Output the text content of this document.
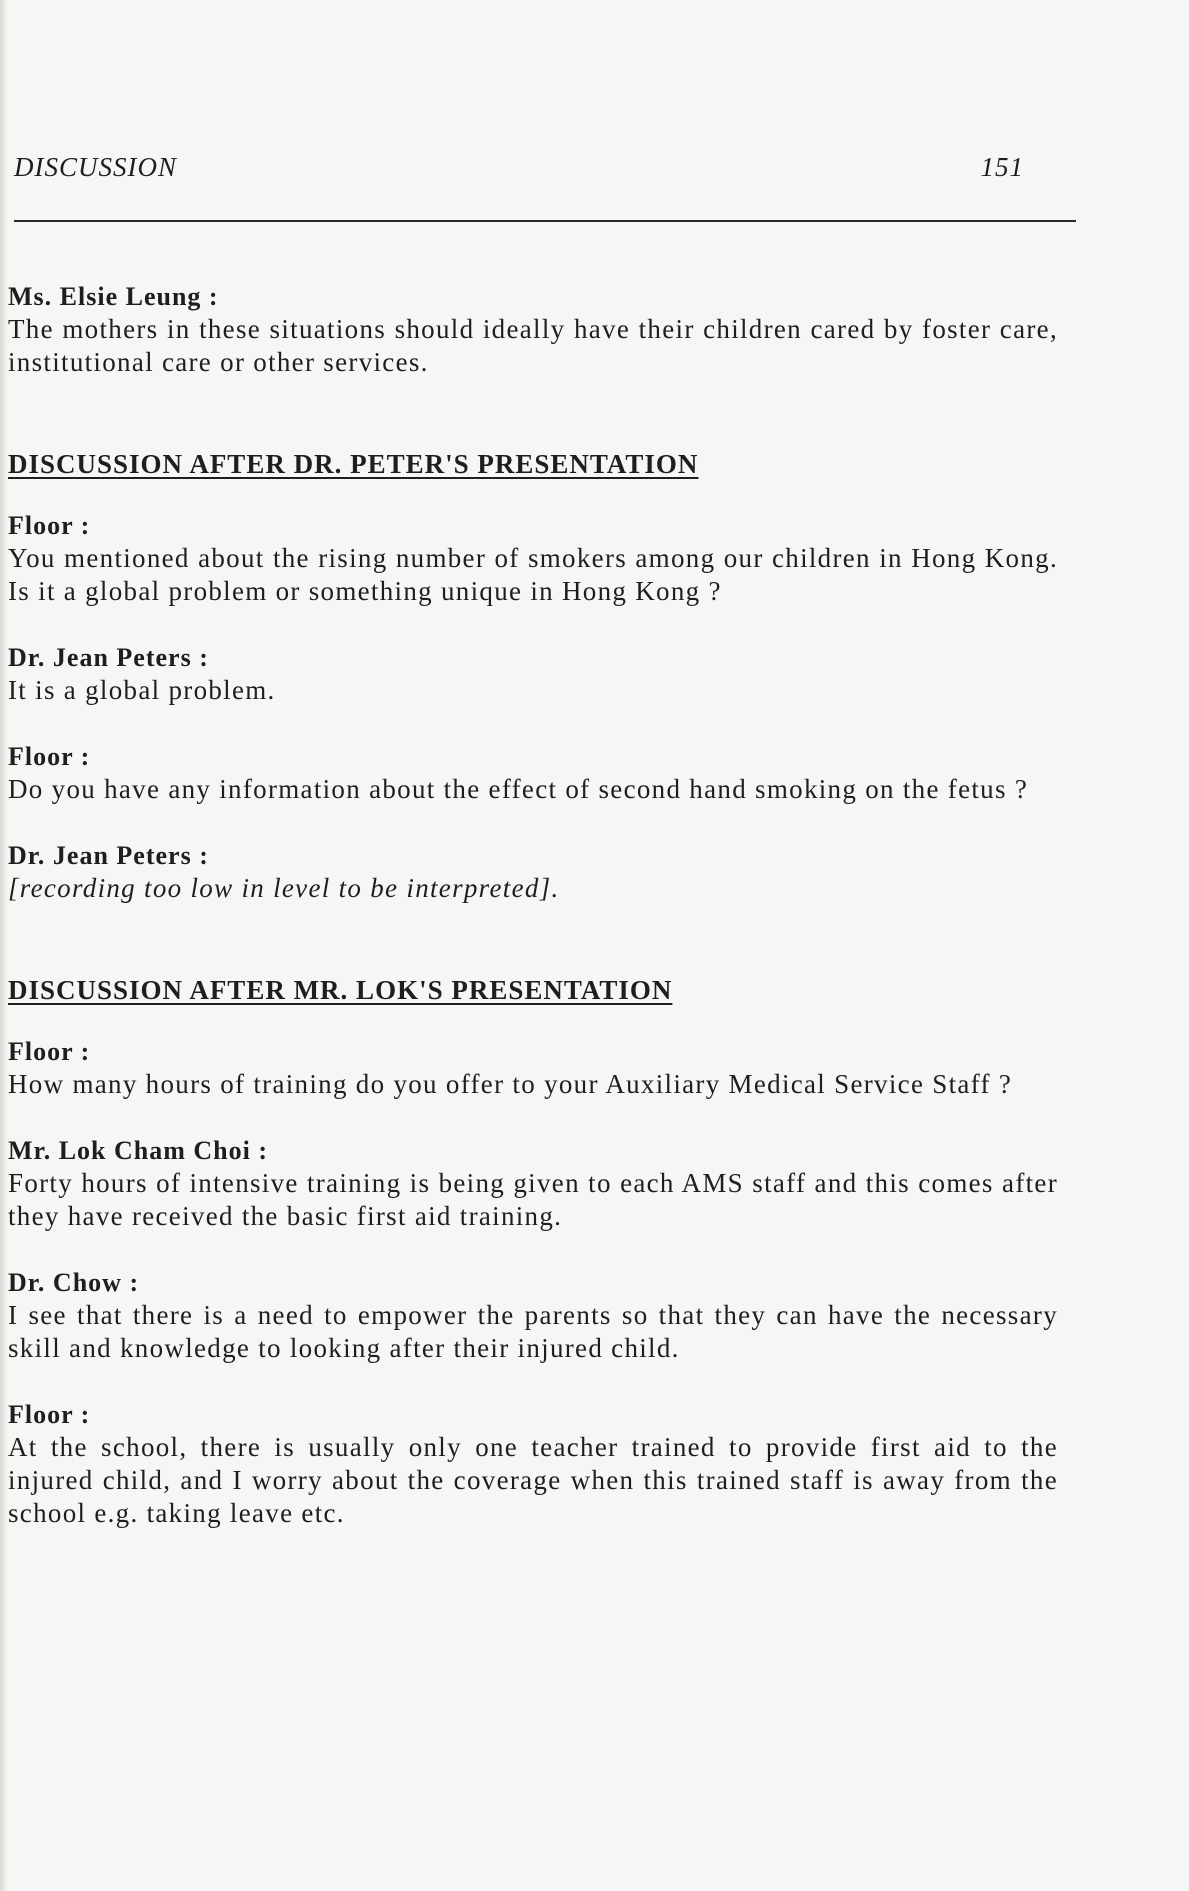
DISCUSSION	151

Ms. Elsie Leung :

The mothers in these situations should ideally have their children cared by foster care, institutional care or other services.

DISCUSSION AFTER DR. PETER'S PRESENTATION

Floor :

You mentioned about the rising number of smokers among our children in Hong Kong. Is it a global problem or something unique in Hong Kong ?

Dr. Jean Peters :

It is a global problem.

Floor :

Do you have any information about the effect of second hand smoking on the fetus ?

Dr. Jean Peters :

[recording too low in level to be interpreted].

DISCUSSION AFTER MR. LOK'S PRESENTATION

Floor :

How many hours of training do you offer to your Auxiliary Medical Service Staff ?

Mr. Lok Cham Choi :

Forty hours of intensive training is being given to each AMS staff and this comes after they have received the basic first aid training.

Dr. Chow :

I see that there is a need to empower the parents so that they can have the necessary skill and knowledge to looking after their injured child.

Floor :

At the school, there is usually only one teacher trained to provide first aid to the injured child, and I worry about the coverage when this trained staff is away from the school e.g. taking leave etc.
